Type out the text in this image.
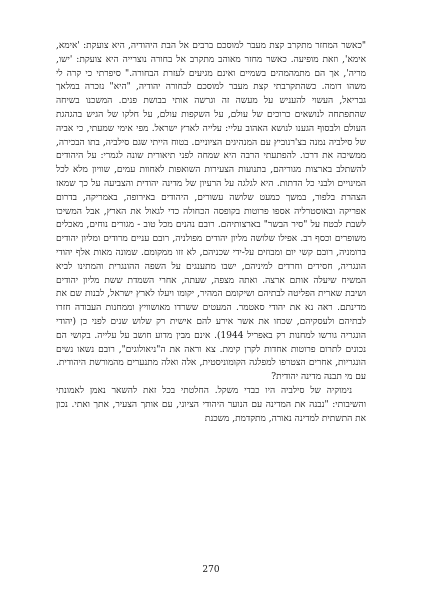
"כאשר המחזר מתקרב קצת מעבר למוסכם ברבים אל הבת היהודיה, היא צועקת: 'אימא, אימא', וזאת מופיעה. כאשר מחזר מאוהב מתקרב אל בחורה נוצרייה היא צועקת: 'ישו, מריה', אך הם מתמהמהים בשמיים ואינם מגיעים לעזרת הבחורה." סיפרתי כי קרה לי משהו דומה. כשהתקרבתי קצת מעבר למוסכם לבחורה יהודיה, "היא" נזכרה במלאך גבריאל, העשוי להעניש על מעשה זה וגרשה אותי בבושת פנים. המשכנו בשיחה שהתפתחה לנושאים כרוכים של עולם, על השקפות עולם, על חלקו של הגיש בהגהגת העולם ולבסוף הגענו לנושא האהוב עליי: עלייה לארץ ישראל. מפי אימי שמעתי, כי אביה של סילביה נמנה בצ'רנוביץ עם המנהיגים הציוניים. בטוח הייתי שגם סילביה, בתו הבכירה, ממשיכה את דרכו. להפתעתי הרבה היא שמחה לפני תיאורית שונה לגמרי: על היהודים להשתלב בארצות מגוריהם, בתנועות הצעירות השואפות לאחוות עמים, שוויון מלא לכל המינויים ולבני כל הדתות. היא לגלגה על הרעיון של מדינה יהודית והצביעה על כך שמאז הצהרת בלפור, במשך כמעט שלושה עשורים, היהודים באירופה, באמריקה, בדרום אפריקה ובאוסטרליה אספו פרוטות בקופסה הכחולה כדי לגאול את הארץ, אבל המשיכו לשבת לבטח על "סיר הבשר" בארצותיהם. רובם נהנים מכל טוב - מגורים נוחים, מאכלים משופרים וכסף רב. אפילו שלושה מליון יהודים מפולניה, רובם עניים מרודים ומליון יהודים ברומניה, רובם קשי יום ומבוזים על-ידי שכניהם, לא זזו ממקומם. שמונה מאות אלף יהודי הונגריה, חסידים וחרדים למיניהם, ישבו מתענגים על השפה ההונגרית והמתינו לביא המשיח שיעלה אותם ארצה. ואתה מצפה, שעתה, אחרי השמדת ששת מליון יהודים ושיבת שארית הפליטה לבתיהם ושיקומם המהיר, יקומו ויעלו לארץ ישראל, לבנות שם את מדינתם. ראה נא את יהודי סאטמר. המעטים ששרדו מאושוויץ וממחנות העבודה חזרו לבתיהם ולעסקיהם, שכחו את אשר אירע להם אישית רק שלוש שנים לפני כן (יהודי הונגריה גורשו למחנות רק באפריל 1944). אינם מבין מדוע חושב על עלייה. בקושי הם נכונים לתרום פרוטות אחדות לקרן קימת. צא וראה את ה"ניאולוגים", רובם נשאו נשים הונגריות, אחרים הצטרפו למפלגה הקומוניסטית, אלה ואלה מתנערים מהמורשת היהודית. עם מי תבנה מדינה יהודית?

נימוקיה של סילביה היו כבדי משקל. החלטתי בכל זאת להשאר נאמן לאמונתי והשיבותי: "נבנה את המדינה עם הנוער היהודי הציוני, עם אותך הצעיר, אתך ואתי. נכון את התשתית למדינה נאורה, מתקדמת, משכנת

270
